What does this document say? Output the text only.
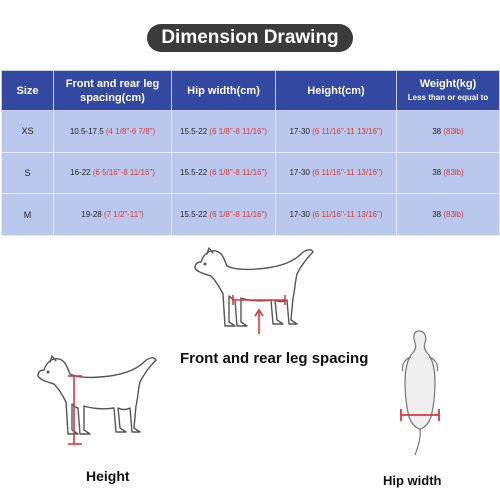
Dimension Drawing
Size	Front and rear leg spacing(cm)	Hip width(cm)	Height(cm)	Weight(kg)
Less than or equal to

XS	10.5-17.5 (4 1/8"-6 7/8")	15.5-22 (6 1/8"-8 11/16")	17-30 (6 11/16"-11 13/16")	38 (83lb)
S	16-22 (6 5/16"-8 11/16")	15.5-22 (6 1/8"-8 11/16")	17-30 (6 11/16"-11 13/16")	38 (83lb)
M	19-28 (7 1/2"-11")	15.5-22 (6 1/8"-8 11/16")	17-30 (6 11/16"-11 13/16")	38 (83lb)
Front and rear leg spacing
Height	Hip width
